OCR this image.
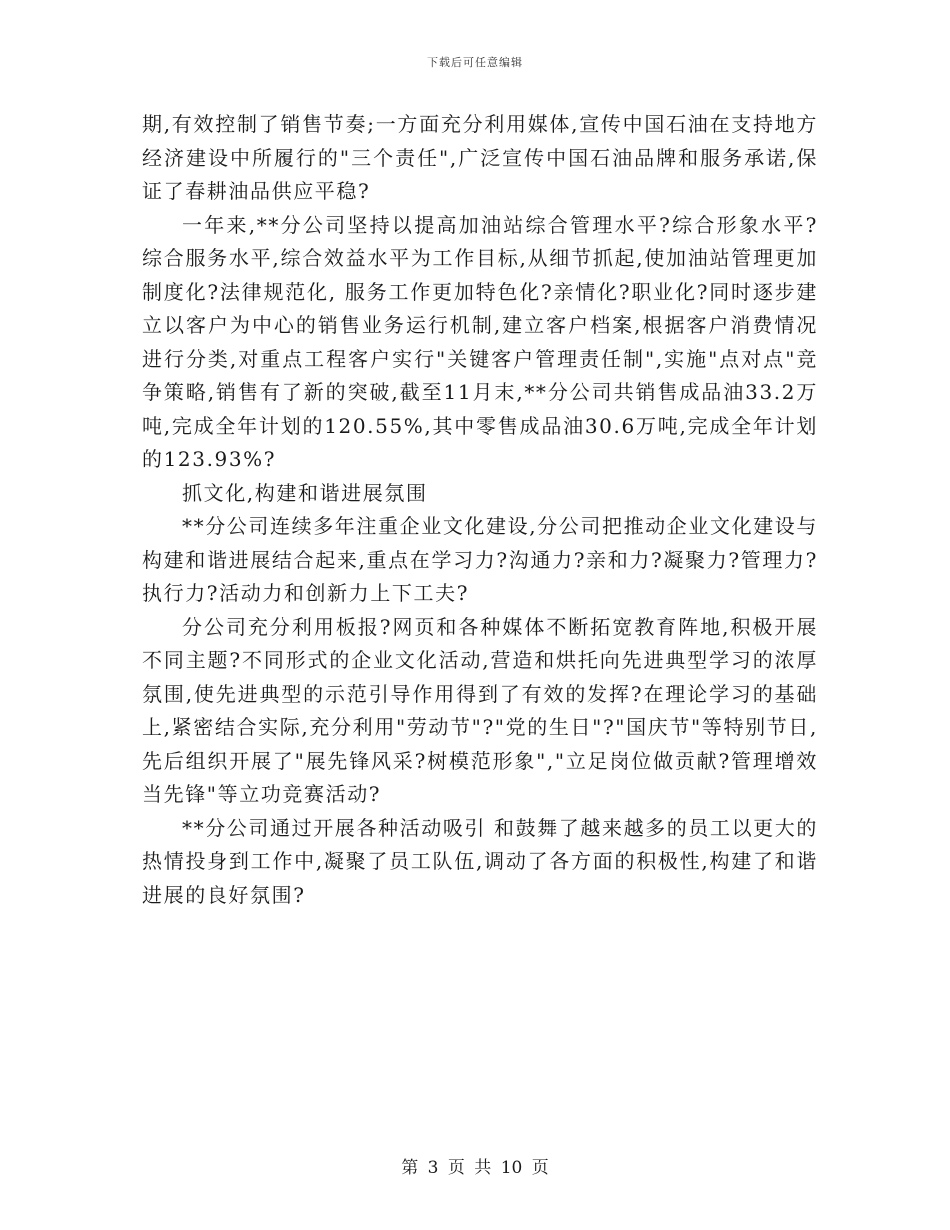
下载后可任意编辑

期,有效控制了销售节奏;一方面充分利用媒体,宣传中国石油在支持地方经济建设中所履行的"三个责任",广泛宣传中国石油品牌和服务承诺,保证了春耕油品供应平稳?

一年来,**分公司坚持以提高加油站综合管理水平?综合形象水平?综合服务水平,综合效益水平为工作目标,从细节抓起,使加油站管理更加制度化?法律规范化, 服务工作更加特色化?亲情化?职业化?同时逐步建立以客户为中心的销售业务运行机制,建立客户档案,根据客户消费情况进行分类,对重点工程客户实行"关键客户管理责任制",实施"点对点"竞争策略,销售有了新的突破,截至11月末,**分公司共销售成品油33.2万吨,完成全年计划的120.55%,其中零售成品油30.6万吨,完成全年计划的123.93%?

抓文化,构建和谐进展氛围

**分公司连续多年注重企业文化建设,分公司把推动企业文化建设与构建和谐进展结合起来,重点在学习力?沟通力?亲和力?凝聚力?管理力?执行力?活动力和创新力上下工夫?

分公司充分利用板报?网页和各种媒体不断拓宽教育阵地,积极开展不同主题?不同形式的企业文化活动,营造和烘托向先进典型学习的浓厚氛围,使先进典型的示范引导作用得到了有效的发挥?在理论学习的基础上,紧密结合实际,充分利用"劳动节"?"党的生日"?"国庆节"等特别节日,先后组织开展了"展先锋风采?树模范形象","立足岗位做贡献?管理增效当先锋"等立功竞赛活动?

**分公司通过开展各种活动吸引 和鼓舞了越来越多的员工以更大的热情投身到工作中,凝聚了员工队伍,调动了各方面的积极性,构建了和谐进展的良好氛围?

第 3 页 共 10 页
